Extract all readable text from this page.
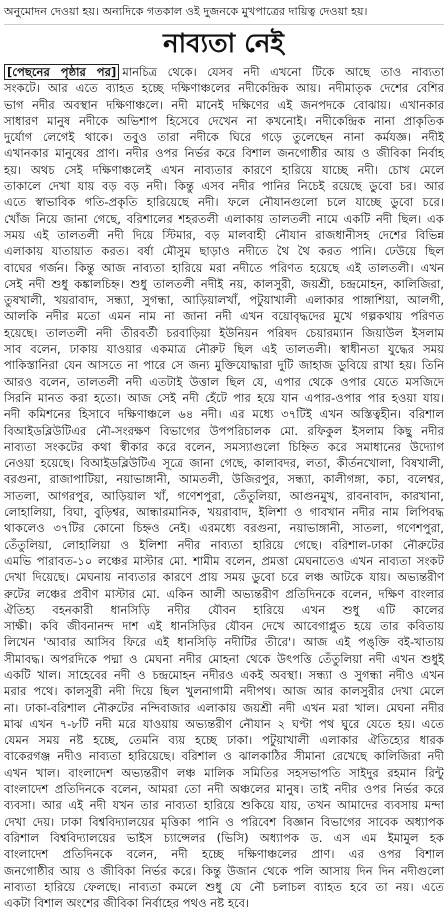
অনুমোদন দেওয়া হয়। অন্যদিকে গতকাল ওই দুজনকে মুখপাত্রের দায়িত্ব দেওয়া হয়।
নাব্যতা নেই
[পেছনের পৃষ্ঠার পর] মানচিত্র থেকে। যেসব নদী এখনো টিকে আছে তাও নাব্যতা
সংকটে। আর এতে ব্যাহত হচ্ছে দক্ষিণাঞ্চলের নদীকেন্দ্রিক আয়। নদীমাতৃক দেশের বেশির
ভাগ নদীর অবস্থান দক্ষিণাঞ্চলে। নদী মানেই দক্ষিণের এই জনপদকে বোঝায়। এখানকার
সাধারণ মানুষ নদীকে অভিশাপ হিসেবে দেখেন না কখনোই। নদীকেন্দ্রিক নানা প্রাকৃতিক
দুর্যোগ লেগেই থাকে। তবুও তারা নদীকে ঘিরে গড়ে তুলেছেন নানা কর্মযজ্ঞ। নদীই
এখানকার মানুষের প্রাণ। নদীর ওপর নির্ভর করে বিশাল জনগোষ্ঠীর আয় ও জীবিকা নির্বাহ
হয়। অথচ সেই দক্ষিণাঞ্চলেই এখন নাব্যতার কারণে হারিয়ে যাচ্ছে নদী। চোখ মেলে
তাকালে দেখা যায় বড় বড় নদী। কিন্তু এসব নদীর পানির নিচেই রয়েছে ডুবো চর। আর
এতে স্বাভাবিক গতি-প্রকৃতি হারিয়েছে নদী। ফলে নৌযানগুলো চলে যাচ্ছে ডুবো চরে।
খোঁজ নিয়ে জানা গেছে, বরিশালের শহরতলী এলাকায় তালতলী নামে একটি নদী ছিল। এক
সময় এই তালতলী নদী দিয়ে স্টিমার, বড় মালবাহী নৌযান রাজধানীসহ দেশের বিভিন্ন
এলাকায় যাতায়াত করত। বর্ষা মৌসুম ছাড়াও নদীতে থৈ থৈ করত পানি। ঢেউয়ে ছিল
বাঘের গর্জন। কিন্তু আজ নাব্যতা হারিয়ে মরা নদীতে পরিণত হয়েছে এই তালতলী। এখন
সেই নদী শুধু কঙ্কালচিহ্ন। শুধু তালতলী নদীই নয়, কালসুরী, জয়শ্রী, চন্দ্রমোহন, কালিজিরা,
তুষখালী, খয়রাবাদ, সন্ধ্যা, সুগন্ধা, আড়িয়ালখাঁ, পটুয়াখালী এলাকার পাঙ্গাশিয়া, আলগী,
আলকি নদীর মতো এমন নাম না জানা নদী এখন বয়োবৃদ্ধদের মুখে গল্পকথায় পরিণত
হয়েছে। তালতলী নদী তীরবর্তী চরবাড়িয়া ইউনিয়ন পরিষদ চেয়ারম্যান জিয়াউল ইসলাম
সাব বলেন, ঢাকায় যাওয়ার একমাত্র নৌরুট ছিল এই তালতলী। স্বাধীনতা যুদ্ধের সময়
পাকিস্তানিরা যেন আসতে না পারে সে জন্য মুক্তিযোদ্ধারা দুটি জাহাজ ডুবিয়ে রাখা হয়। তিনি
আরও বলেন, তালতলী নদী এতটাই উত্তাল ছিল যে, এপার থেকে ওপার যেতে মসজিদে
সিরনি মানত করা হতো। আজ সেই নদী হেঁটে পার হয়ে যান এপার-ওপার পার হওয়া যায়।
নদী কমিশনের হিসাবে দক্ষিণাঞ্চলে ৬৪ নদী। এর মধ্যে ৩৭টিই এখন অস্তিত্বহীন। বরিশাল
বিআইডব্লিউটিএর নৌ-সংরক্ষণ বিভাগের উপপরিচালক মো. রফিকুল ইসলাম কিছু নদীর
নাব্যতা সংকটের কথা স্বীকার করে বলেন, সমস্যাগুলো চিহ্নিত করে সমাধানের উদ্যোগ
নেওয়া হয়েছে। বিআইডব্লিউটিএ সূত্রে জানা গেছে, কালাবদর, লতা, কীর্তনখোলা, বিষখালী,
বরগুনা, রাজাপাটিয়া, নয়াভাঙ্গানী, আমতলী, উজিরপুর, সন্ধ্যা, কালীগঙ্গা, কচা, বলেশ্বর,
সাতলা, আগরপুর, আড়িয়াল খাঁ, গণেশপুরা, তেঁতুলিয়া, আগুনমুখ, রাবনাবাদ, কারখানা,
লোহালিয়া, বিঘা, বুড়িশ্বর, আন্ধারমানিক, খয়রাবাদ, ইলিশা ও গাবখান নদীর নাম লিপিবদ্ধ
থাকলেও ৩৭টির কোনো চিহ্নও নেই। এরমধ্যে বরগুনা, নয়াভাঙ্গানী, সাতলা, গণেশপুরা,
তেঁতুলিয়া, লোহালিয়া ও ইলিশা নদীর নাব্যতা হারিয়ে গেছে। বরিশাল-ঢাকা নৌরুটের
এমভি পারাবত-১০ লঞ্চের মাস্টার মো. শামীম বলেন, প্রমত্তা মেঘনাতেও এখন নাব্যতা সংকট
দেখা দিয়েছে। মেঘনায় নাব্যতার কারণে প্রায় সময় ডুবো চরে লঞ্চ আটকে যায়। অভ্যন্তরীণ
রুটের লঞ্চের প্রবীণ মাস্টার মো. একিন আলী অভ্যন্তরীণ প্রতিদিনকে বলেন, দক্ষিণ বাংলার
ঐতিহ্য বহনকারী ধানসিড়ি নদীর যৌবন হারিয়ে এখন শুধু এটি কালের
সাক্ষী। কবি জীবনানন্দ দাশ এই ধানসিড়ির যৌবন দেখে আবেগাপ্লুত হয়ে তার কবিতায়
লিখেন 'আবার আসিব ফিরে এই ধানসিড়ি নদীটির তীরে'। আজ এই পঙ্‌ক্তি বই-খাতায়
সীমাবদ্ধ। অপরদিকে পদ্মা ও মেঘনা নদীর মোহনা থেকে উৎপত্তি তেঁতুলিয়া নদী এখন শুধুই
একটি খাল। সাহেবের নদী ও চন্দ্রমোহন নদীরও একই অবস্থা। সন্ধ্যা ও সুগন্ধা নদীও এখন
মরার পথে। কালসুরী নদী দিয়ে ছিল খুলনাগামী নদীপথ। আজ আর কালসুরীর দেখা মেলে
না। ঢাকা-বরিশাল নৌরুটের নন্দিবাজার এলাকায় জয়শ্রী নদী এখন মরা খাল। মেঘনা নদীর
মাঝ এখন ৭-৮টি নদী মরে যাওয়ায় অভ্যন্তরীণ নৌযান ২ ঘণ্টা পথ ঘুরে যেতে হয়। এতে
যেমন সময় নষ্ট হচ্ছে, তেমনি ব্যয় হচ্ছে ঢাকা। পটুয়াখালী এলাকার ঐতিহ্যের ধারক
বাকেরগঞ্জ নদীও নাব্যতা হারিয়েছে। বরিশাল ও ঝালকাঠির সীমানা রেখেছে কালিজিরা নদী
এখন খাল। বাংলাদেশ অভ্যন্তরীণ লঞ্চ মালিক সমিতির সহসভাপতি সাইদুর রহমান রিন্টু
বাংলাদেশ প্রতিদিনকে বলেন, আমরা তো নদী অঞ্চলের মানুষ। তাই নদীর ওপর নির্ভর করে
ব্যবসা। আর এই নদী যখন তার নাব্যতা হারিয়ে শুকিয়ে যায়, তখন আমাদের ব্যবসায় মন্দা
দেখা দেয়। ঢাকা বিশ্ববিদ্যালয়ের মৃত্তিকা পানি ও পরিবেশ বিজ্ঞান বিভাগের সাবেক অধ্যাপক
বরিশাল বিশ্ববিদ্যালয়ের ভাইস চ্যান্সেলর (ভিসি) অধ্যাপক ড. এস এম ইমামুল হক
বাংলাদেশ প্রতিদিনকে বলেন, নদী হচ্ছে দক্ষিণাঞ্চলের প্রাণ। এর ওপর বিশাল
জনগোষ্ঠীর আয় ও জীবিকা নির্ভর করে। কিন্তু উজান থেকে পলি আসায় দিন দিন নদীগুলো
নাব্যতা হারিয়ে ফেলছে। নাব্যতা কমলে শুধু যে নৌ চলাচল ব্যাহত হবে তা নয়। এতে
একটা বিশাল অংশের জীবিকা নির্বাহের পথও নষ্ট হবে।
